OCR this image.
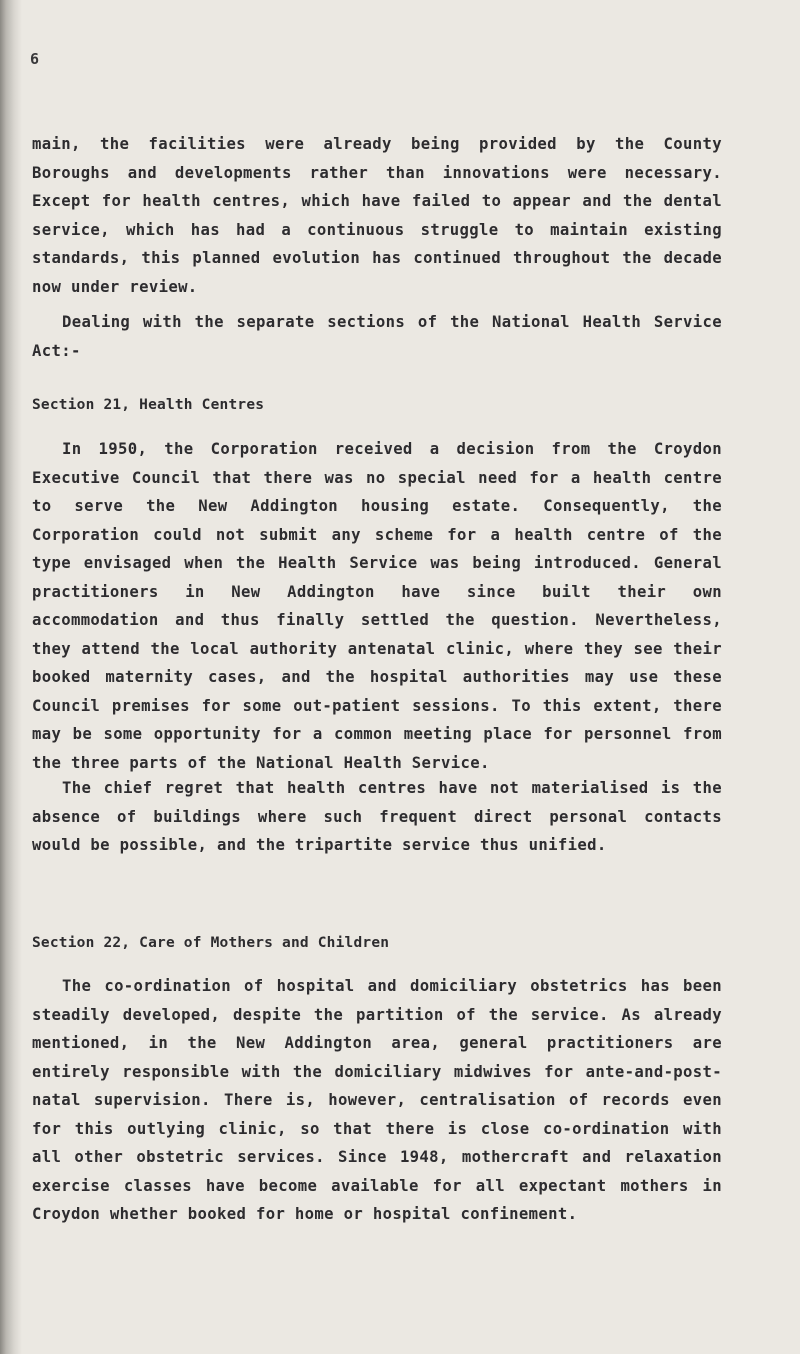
6

main, the facilities were already being provided by the County Boroughs and developments rather than innovations were necessary. Except for health centres, which have failed to appear and the dental service, which has had a continuous struggle to maintain existing standards, this planned evolution has continued throughout the decade now under review.

Dealing with the separate sections of the National Health Service Act:-

Section 21, Health Centres

In 1950, the Corporation received a decision from the Croydon Executive Council that there was no special need for a health centre to serve the New Addington housing estate. Consequently, the Corporation could not submit any scheme for a health centre of the type envisaged when the Health Service was being introduced. General practitioners in New Addington have since built their own accommodation and thus finally settled the question. Nevertheless, they attend the local authority antenatal clinic, where they see their booked maternity cases, and the hospital authorities may use these Council premises for some out-patient sessions. To this extent, there may be some opportunity for a common meeting place for personnel from the three parts of the National Health Service.

The chief regret that health centres have not materialised is the absence of buildings where such frequent direct personal contacts would be possible, and the tripartite service thus unified.

Section 22, Care of Mothers and Children

The co-ordination of hospital and domiciliary obstetrics has been steadily developed, despite the partition of the service. As already mentioned, in the New Addington area, general practitioners are entirely responsible with the domiciliary midwives for ante-and-post-natal supervision. There is, however, centralisation of records even for this outlying clinic, so that there is close co-ordination with all other obstetric services. Since 1948, mothercraft and relaxation exercise classes have become available for all expectant mothers in Croydon whether booked for home or hospital confinement.
